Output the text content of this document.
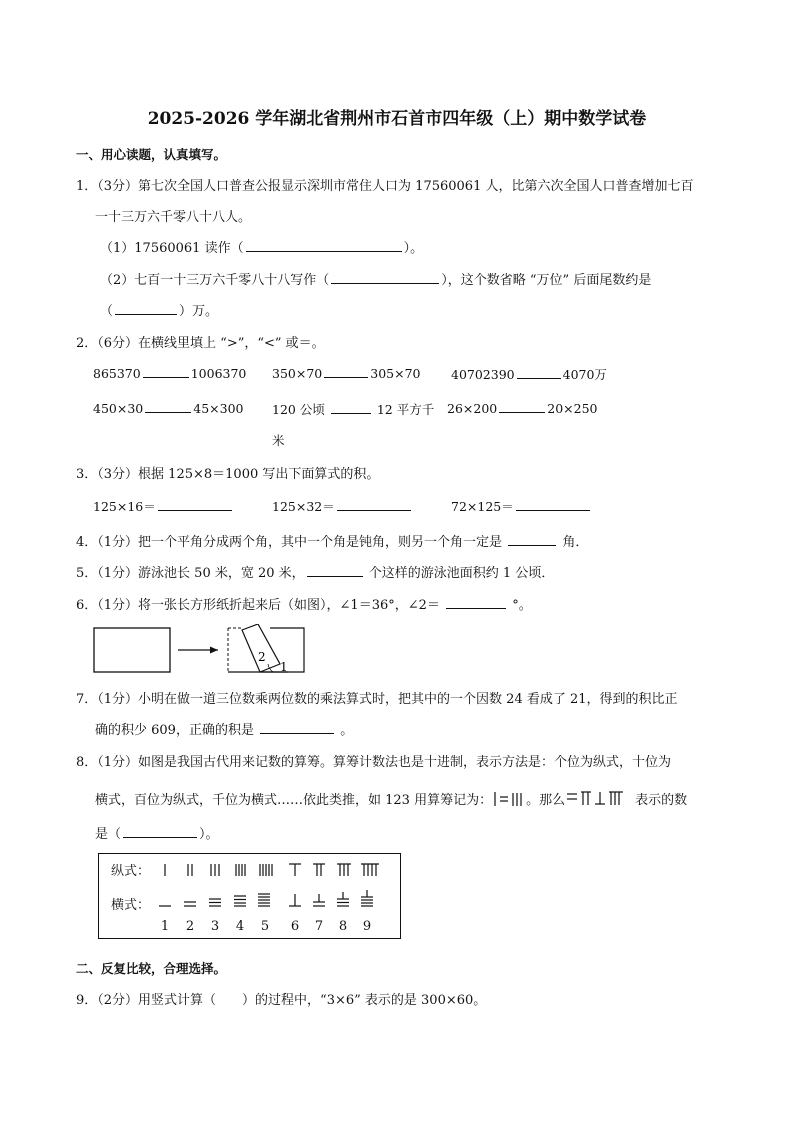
2025-2026 学年湖北省荆州市石首市四年级（上）期中数学试卷
一、用心读题，认真填写。
1．（3分）第七次全国人口普查公报显示深圳市常住人口为 17560061 人，比第六次全国人口普查增加七百
一十三万六千零八十八人。
（1）17560061 读作（	）。
（2）七百一十三万六千零八十八写作（	），这个数省略 “万位” 后面尾数约是
（	）万。
2．（6分）在横线里填上 “>”，“<” 或＝。
865370	1006370 350×70	305×70 40702390	4070万
450×30	45×300 120 公顷	12 平方千 26×200	20×250
米
3．（3分）根据 125×8＝1000 写出下面算式的积。
125×16＝	125×32＝	72×125＝
4．（1分）把一个平角分成两个角，其中一个角是钝角，则另一个角一定是	角．
5．（1分）游泳池长 50 米，宽 20 米，	个这样的游泳池面积约 1 公顷．
6．（1分）将一张长方形纸折起来后（如图），∠1＝36°，∠2＝	°。
2
1
7．（1分）小明在做一道三位数乘两位数的乘法算式时，把其中的一个因数 24 看成了 21，得到的积比正
确的积少 609，正确的积是	。
8．（1分）如图是我国古代用来记数的算筹。算筹计数法也是十进制，表示方法是：个位为纵式，十位为
横式，百位为纵式，千位为横式……依此类推，如 123 用算筹记为：	。那么	表示的数
是（	）。
纵式：
横式：
1 2 3 4 5 6 7 8 9
二、反复比较，合理选择。
9．（2分）用竖式计算（ ）的过程中，“3×6” 表示的是 300×60。
